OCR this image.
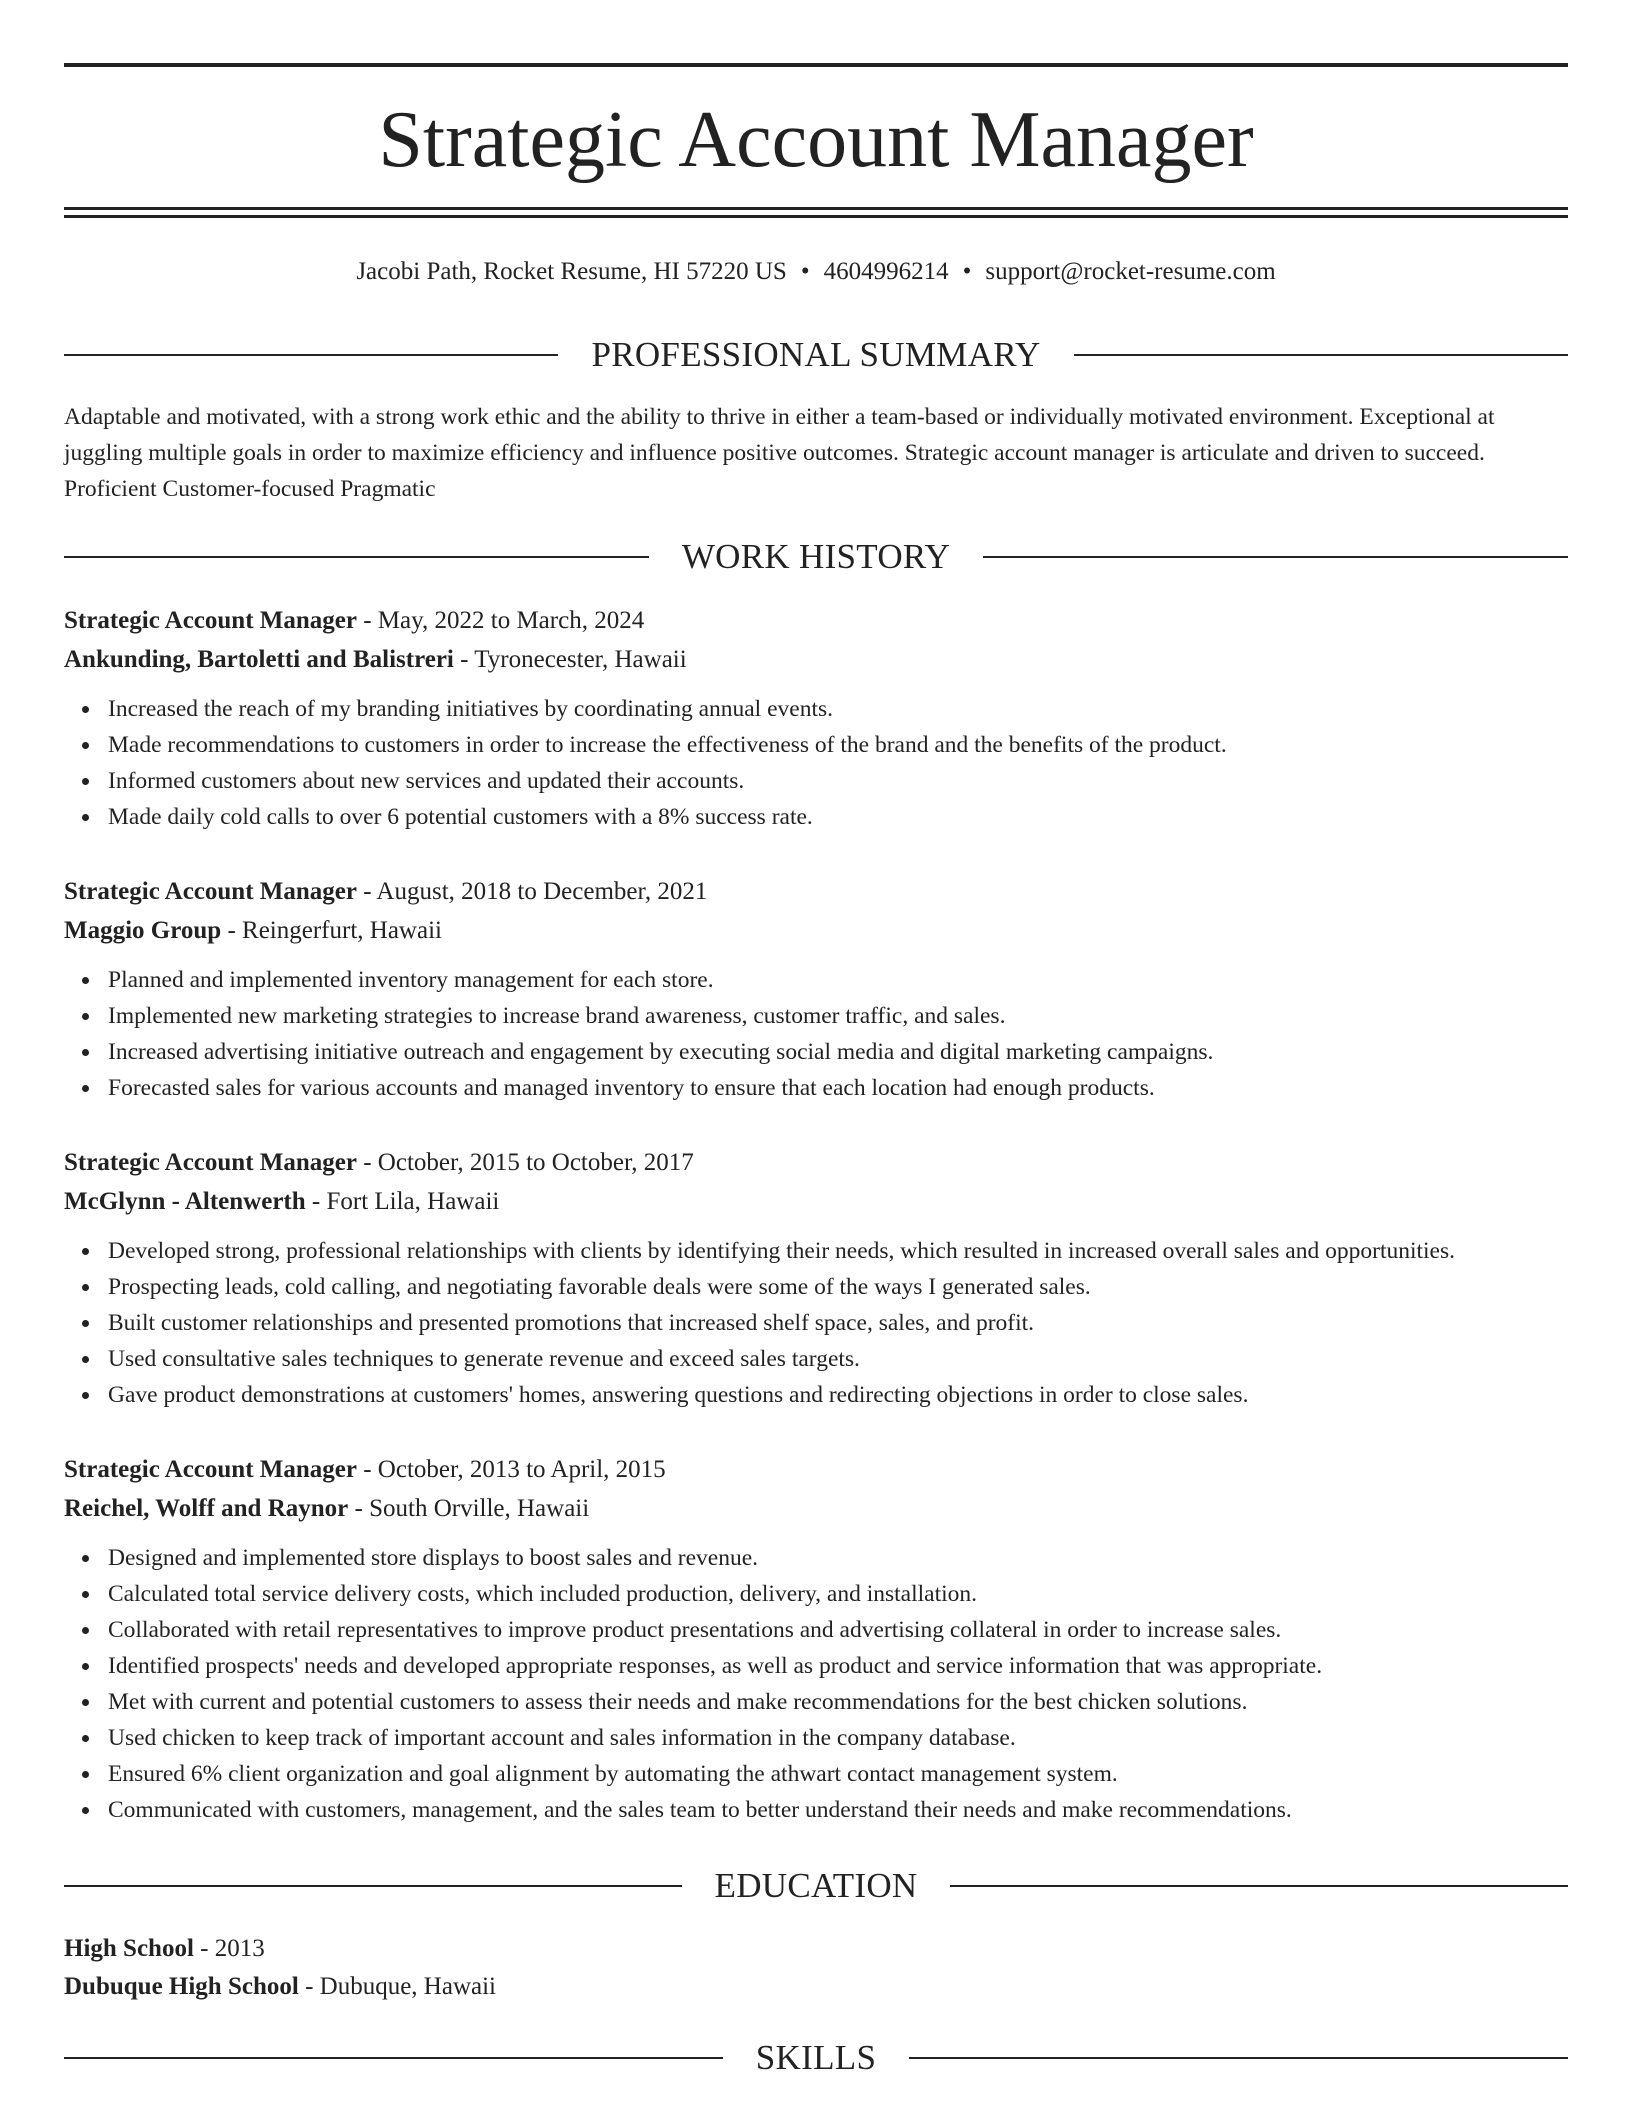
Strategic Account Manager
Jacobi Path, Rocket Resume, HI 57220 US • 4604996214 • support@rocket-resume.com
PROFESSIONAL SUMMARY

Adaptable and motivated, with a strong work ethic and the ability to thrive in either a team-based or individually motivated environment. Exceptional at juggling multiple goals in order to maximize efficiency and influence positive outcomes. Strategic account manager is articulate and driven to succeed. Proficient Customer-focused Pragmatic

WORK HISTORY
Strategic Account Manager - May, 2022 to March, 2024
Ankunding, Bartoletti and Balistreri - Tyronecester, Hawaii
Increased the reach of my branding initiatives by coordinating annual events.
Made recommendations to customers in order to increase the effectiveness of the brand and the benefits of the product.
Informed customers about new services and updated their accounts.
Made daily cold calls to over 6 potential customers with a 8% success rate.
Strategic Account Manager - August, 2018 to December, 2021
Maggio Group - Reingerfurt, Hawaii
Planned and implemented inventory management for each store.
Implemented new marketing strategies to increase brand awareness, customer traffic, and sales.
Increased advertising initiative outreach and engagement by executing social media and digital marketing campaigns.
Forecasted sales for various accounts and managed inventory to ensure that each location had enough products.
Strategic Account Manager - October, 2015 to October, 2017
McGlynn - Altenwerth - Fort Lila, Hawaii
Developed strong, professional relationships with clients by identifying their needs, which resulted in increased overall sales and opportunities.
Prospecting leads, cold calling, and negotiating favorable deals were some of the ways I generated sales.
Built customer relationships and presented promotions that increased shelf space, sales, and profit.
Used consultative sales techniques to generate revenue and exceed sales targets.
Gave product demonstrations at customers' homes, answering questions and redirecting objections in order to close sales.
Strategic Account Manager - October, 2013 to April, 2015
Reichel, Wolff and Raynor - South Orville, Hawaii
Designed and implemented store displays to boost sales and revenue.
Calculated total service delivery costs, which included production, delivery, and installation.
Collaborated with retail representatives to improve product presentations and advertising collateral in order to increase sales.
Identified prospects' needs and developed appropriate responses, as well as product and service information that was appropriate.
Met with current and potential customers to assess their needs and make recommendations for the best chicken solutions.
Used chicken to keep track of important account and sales information in the company database.
Ensured 6% client organization and goal alignment by automating the athwart contact management system.
Communicated with customers, management, and the sales team to better understand their needs and make recommendations.
EDUCATION
High School - 2013
Dubuque High School - Dubuque, Hawaii
SKILLS
